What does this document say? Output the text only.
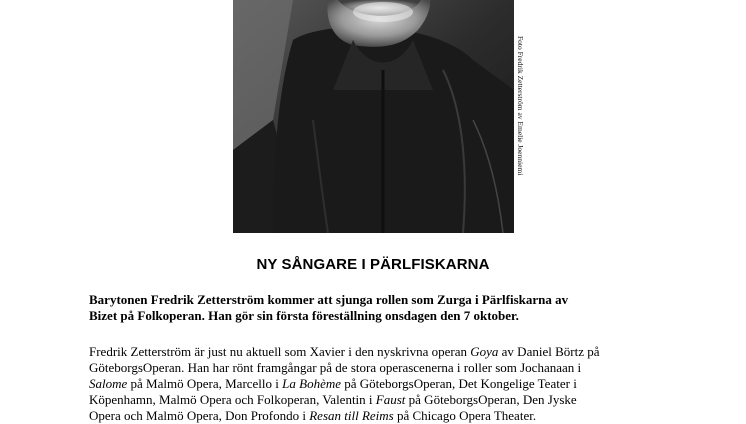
Foto Fredrik Zetterström av Emelie Joenniemi
NY SÅNGARE I PÄRLFISKARNA
Barytonen Fredrik Zetterström kommer att sjunga rollen som Zurga i Pärlfiskarna av
Bizet på Folkoperan. Han gör sin första föreställning onsdagen den 7 oktober.
Fredrik Zetterström är just nu aktuell som Xavier i den nyskrivna operan Goya av Daniel Börtz på
GöteborgsOperan. Han har rönt framgångar på de stora operascenerna i roller som Jochanaan i
Salome på Malmö Opera, Marcello i La Bohème på GöteborgsOperan, Det Kongelige Teater i
Köpenhamn, Malmö Opera och Folkoperan, Valentin i Faust på GöteborgsOperan, Den Jyske
Opera och Malmö Opera, Don Profondo i Resan till Reims på Chicago Opera Theater.
